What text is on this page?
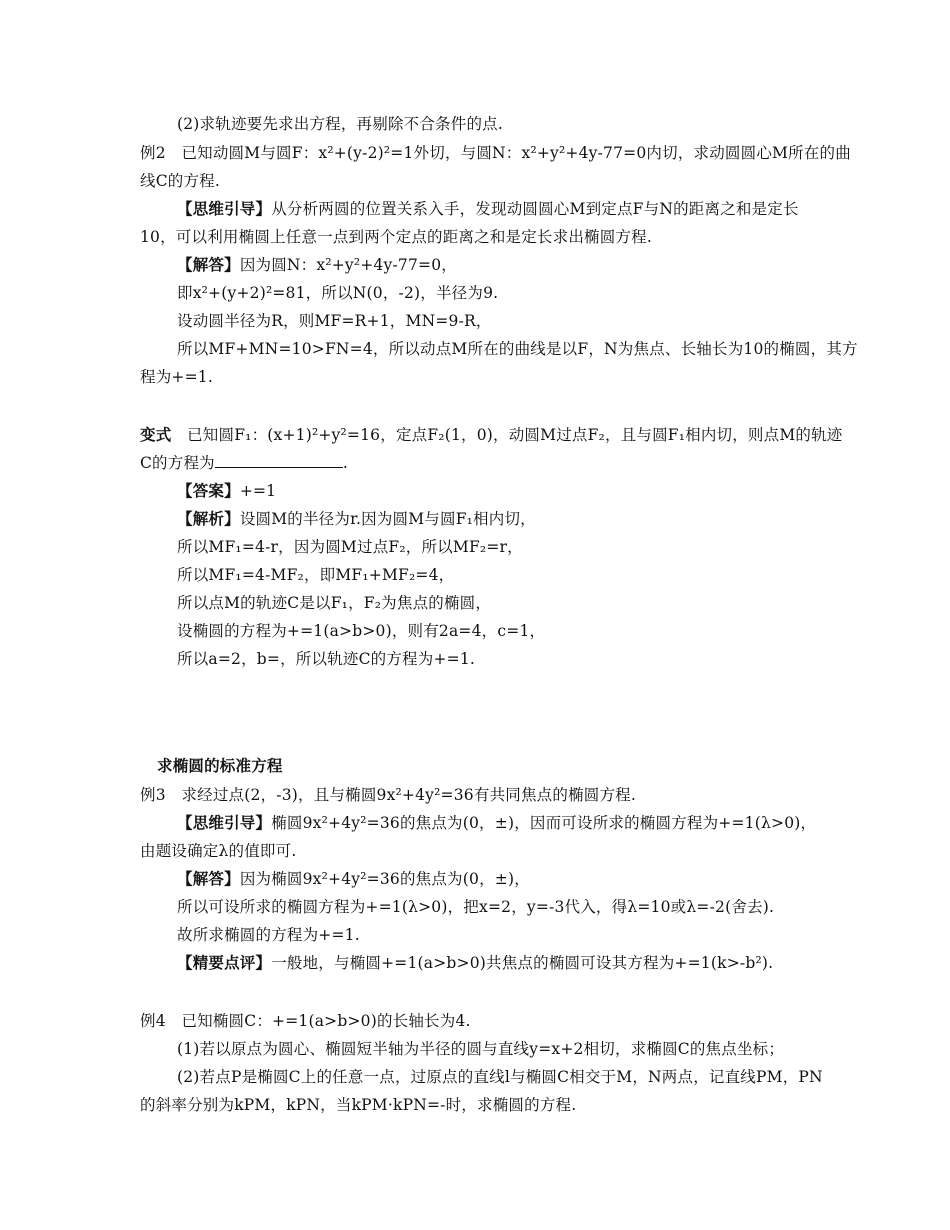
(2)求轨迹要先求出方程，再剔除不合条件的点.
例2　已知动圆M与圆F：x²+(y-2)²=1外切，与圆N：x²+y²+4y-77=0内切，求动圆圆心M所在的曲
线C的方程.
【思维引导】从分析两圆的位置关系入手，发现动圆圆心M到定点F与N的距离之和是定长
10，可以利用椭圆上任意一点到两个定点的距离之和是定长求出椭圆方程.
【解答】因为圆N：x²+y²+4y-77=0，
即x²+(y+2)²=81，所以N(0，-2)，半径为9.
设动圆半径为R，则MF=R+1，MN=9-R，
所以MF+MN=10>FN=4，所以动点M所在的曲线是以F，N为焦点、长轴长为10的椭圆，其方
程为+=1.
变式　已知圆F₁：(x+1)²+y²=16，定点F₂(1，0)，动圆M过点F₂，且与圆F₁相内切，则点M的轨迹
C的方程为	.
【答案】+=1
【解析】设圆M的半径为r.因为圆M与圆F₁相内切，
所以MF₁=4-r，因为圆M过点F₂，所以MF₂=r，
所以MF₁=4-MF₂，即MF₁+MF₂=4，
所以点M的轨迹C是以F₁，F₂为焦点的椭圆，
设椭圆的方程为+=1(a>b>0)，则有2a=4，c=1，
所以a=2，b=，所以轨迹C的方程为+=1.
求椭圆的标准方程
例3　求经过点(2，-3)，且与椭圆9x²+4y²=36有共同焦点的椭圆方程.
【思维引导】椭圆9x²+4y²=36的焦点为(0，±)，因而可设所求的椭圆方程为+=1(λ>0)，
由题设确定λ的值即可.
【解答】因为椭圆9x²+4y²=36的焦点为(0，±)，
所以可设所求的椭圆方程为+=1(λ>0)，把x=2，y=-3代入，得λ=10或λ=-2(舍去).
故所求椭圆的方程为+=1.
【精要点评】一般地，与椭圆+=1(a>b>0)共焦点的椭圆可设其方程为+=1(k>-b²).
例4　已知椭圆C：+=1(a>b>0)的长轴长为4.
(1)若以原点为圆心、椭圆短半轴为半径的圆与直线y=x+2相切，求椭圆C的焦点坐标；
(2)若点P是椭圆C上的任意一点，过原点的直线l与椭圆C相交于M，N两点，记直线PM，PN
的斜率分别为kPM，kPN，当kPM·kPN=-时，求椭圆的方程.
